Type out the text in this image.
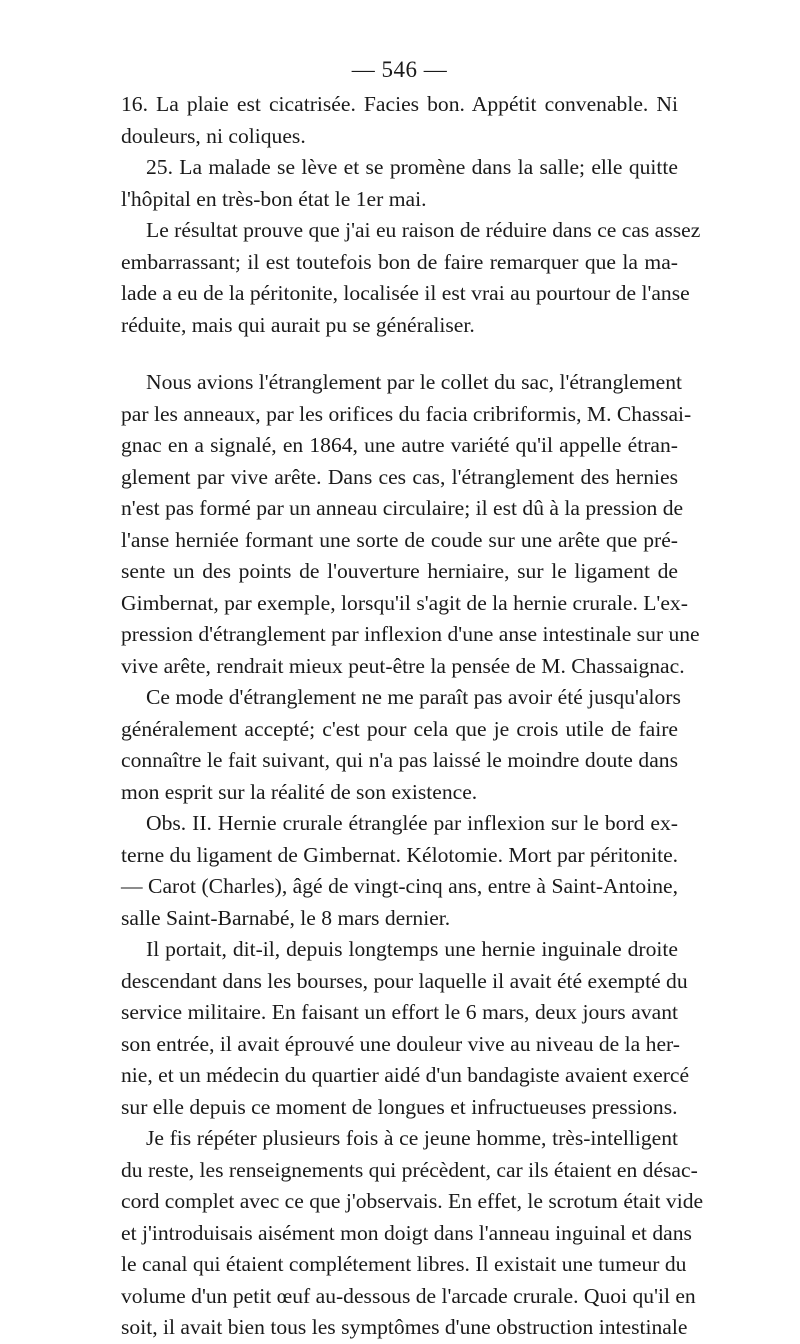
— 546 —
16. La plaie est cicatrisée. Facies bon. Appétit convenable. Ni
douleurs, ni coliques.
25. La malade se lève et se promène dans la salle; elle quitte
l'hôpital en très-bon état le 1er mai.
Le résultat prouve que j'ai eu raison de réduire dans ce cas assez
embarrassant; il est toutefois bon de faire remarquer que la ma-
lade a eu de la péritonite, localisée il est vrai au pourtour de l'anse
réduite, mais qui aurait pu se généraliser.
Nous avions l'étranglement par le collet du sac, l'étranglement
par les anneaux, par les orifices du facia cribriformis, M. Chassai-
gnac en a signalé, en 1864, une autre variété qu'il appelle étran-
glement par vive arête. Dans ces cas, l'étranglement des hernies
n'est pas formé par un anneau circulaire; il est dû à la pression de
l'anse herniée formant une sorte de coude sur une arête que pré-
sente un des points de l'ouverture herniaire, sur le ligament de
Gimbernat, par exemple, lorsqu'il s'agit de la hernie crurale. L'ex-
pression d'étranglement par inflexion d'une anse intestinale sur une
vive arête, rendrait mieux peut-être la pensée de M. Chassaignac.
Ce mode d'étranglement ne me paraît pas avoir été jusqu'alors
généralement accepté; c'est pour cela que je crois utile de faire
connaître le fait suivant, qui n'a pas laissé le moindre doute dans
mon esprit sur la réalité de son existence.
Obs. II. Hernie crurale étranglée par inflexion sur le bord ex-
terne du ligament de Gimbernat. Kélotomie. Mort par péritonite.
— Carot (Charles), âgé de vingt-cinq ans, entre à Saint-Antoine,
salle Saint-Barnabé, le 8 mars dernier.
Il portait, dit-il, depuis longtemps une hernie inguinale droite
descendant dans les bourses, pour laquelle il avait été exempté du
service militaire. En faisant un effort le 6 mars, deux jours avant
son entrée, il avait éprouvé une douleur vive au niveau de la her-
nie, et un médecin du quartier aidé d'un bandagiste avaient exercé
sur elle depuis ce moment de longues et infructueuses pressions.
Je fis répéter plusieurs fois à ce jeune homme, très-intelligent
du reste, les renseignements qui précèdent, car ils étaient en désac-
cord complet avec ce que j'observais. En effet, le scrotum était vide
et j'introduisais aisément mon doigt dans l'anneau inguinal et dans
le canal qui étaient complétement libres. Il existait une tumeur du
volume d'un petit œuf au-dessous de l'arcade crurale. Quoi qu'il en
soit, il avait bien tous les symptômes d'une obstruction intestinale
